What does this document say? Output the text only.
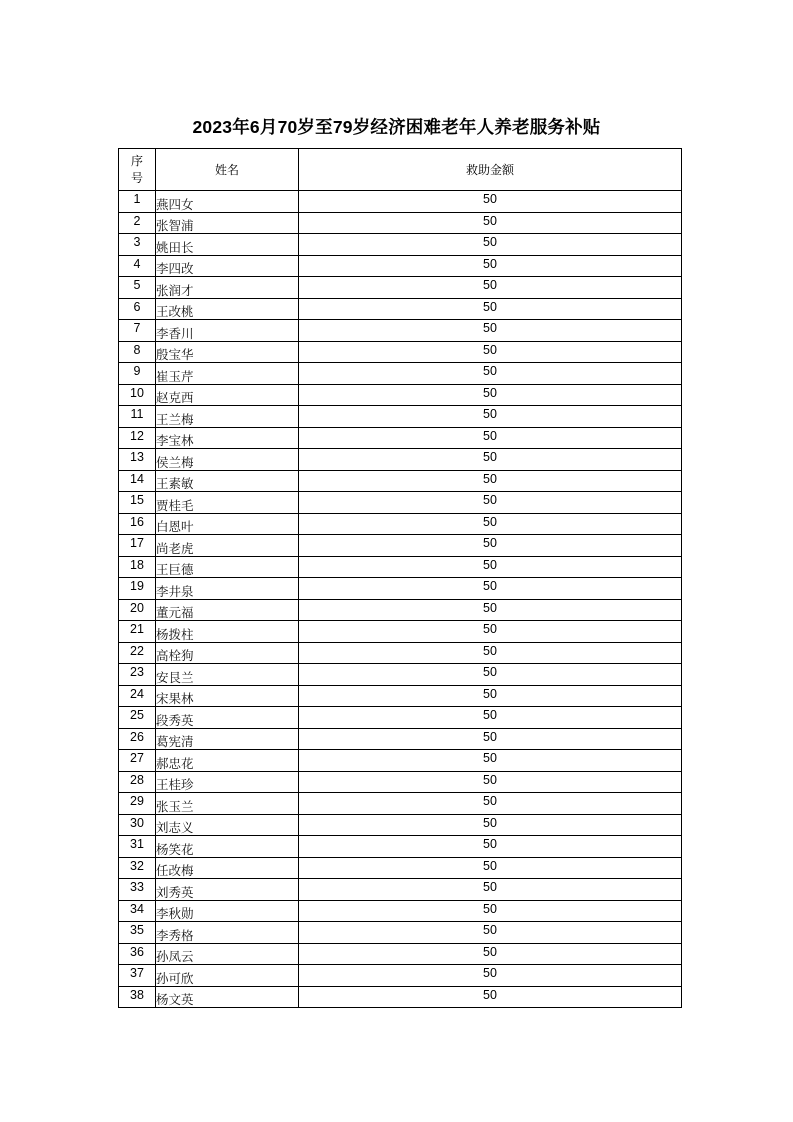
2023年6月70岁至79岁经济困难老年人养老服务补贴
序
号	姓名	救助金额
1	燕四女	50
2	张智浦	50
3	姚田长	50
4	李四改	50
5	张润才	50
6	王改桃	50
7	李香川	50
8	殷宝华	50
9	崔玉芹	50
10	赵克西	50
11	王兰梅	50
12	李宝林	50
13	侯兰梅	50
14	王素敏	50
15	贾桂毛	50
16	白恩叶	50
17	尚老虎	50
18	王巨德	50
19	李井泉	50
20	董元福	50
21	杨拨柱	50
22	高栓狗	50
23	安艮兰	50
24	宋果林	50
25	段秀英	50
26	葛宪清	50
27	郝忠花	50
28	王桂珍	50
29	张玉兰	50
30	刘志义	50
31	杨笑花	50
32	任改梅	50
33	刘秀英	50
34	李秋勋	50
35	李秀格	50
36	孙凤云	50
37	孙可欣	50
38	杨文英	50
